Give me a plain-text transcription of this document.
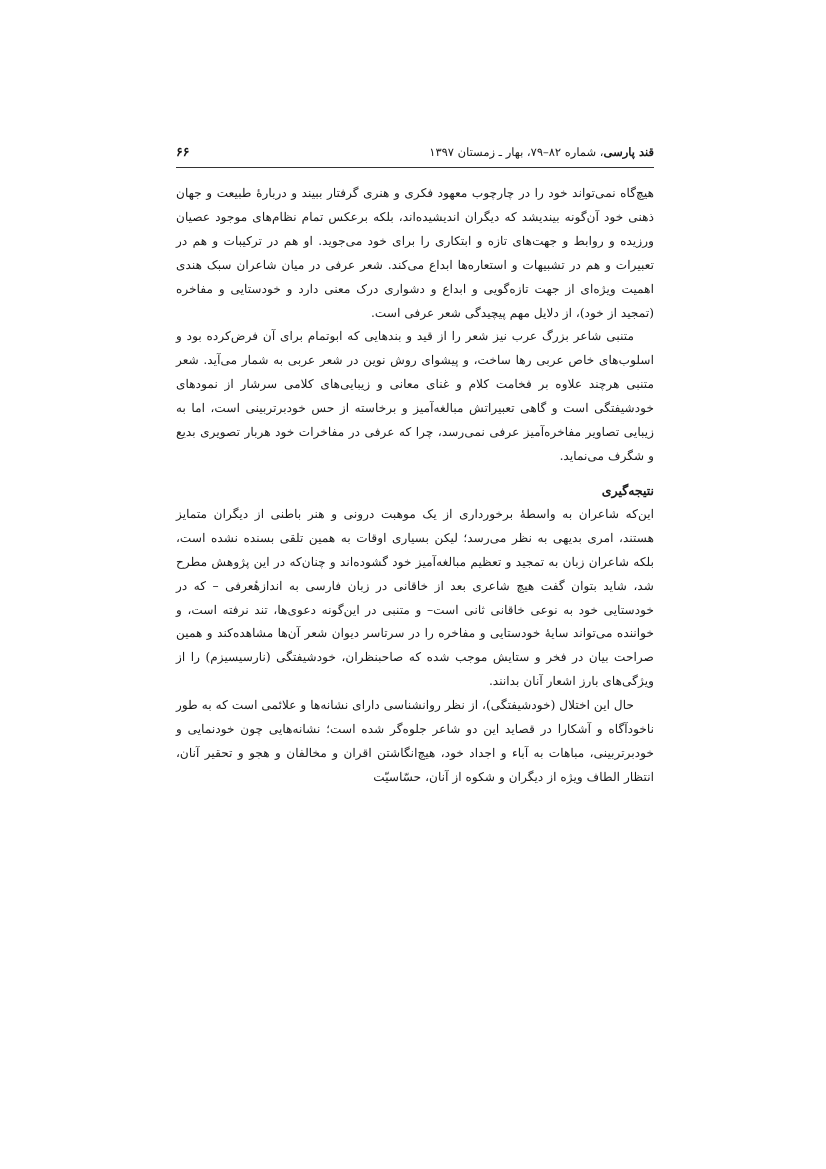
قند پارسی، شماره ۸۲–۷۹، بهار ـ زمستان ۱۳۹۷
۶۶

هیچ‌گاه نمی‌تواند خود را در چارچوب معهود فکری و هنری گرفتار ببیند و دربارهٔ طبیعت و جهان ذهنی خود آن‌گونه بیندیشد که دیگران اندیشیده‌اند، بلکه برعکس تمام نظام‌های موجود عصیان ورزیده و روابط و جهت‌های تازه و ابتکاری را برای خود می‌جوید. او هم در ترکیبات و هم در تعبیرات و هم در تشبیهات و استعاره‌ها ابداع می‌کند. شعر عرفی در میان شاعران سبک هندی اهمیت ویژه‌ای از جهت تازه‌گویی و ابداع و دشواری درک معنی دارد و خودستایی و مفاخره (تمجید از خود)، از دلایل مهم پیچیدگی شعر عرفی است.

متنبی شاعر بزرگ عرب نیز شعر را از قید و بندهایی که ابوتمام برای آن فرض‌کرده بود و اسلوب‌های خاص عربی رها ساخت، و پیشوای روش نوین در شعر عربی به شمار می‌آید. شعر متنبی هرچند علاوه بر فخامت کلام و غنای معانی و زیبایی‌های کلامی سرشار از نمودهای خودشیفتگی است و گاهی تعبیراتش مبالغه‌آمیز و برخاسته از حس خودبرتربینی است، اما به زیبایی تصاویر مفاخره‌آمیز عرفی نمی‌رسد، چرا که عرفی در مفاخرات خود هربار تصویری بدیع و شگرف می‌نماید.

نتیجه‌گیری

این‌که شاعران به واسطهٔ برخورداری از یک موهبت درونی و هنر باطنی از دیگران متمایز هستند، امری بدیهی به نظر می‌رسد؛ لیکن بسیاری اوقات به همین تلقی بسنده نشده است، بلکه شاعران زبان به تمجید و تعظیم مبالغه‌آمیز خود گشوده‌اند و چنان‌که در این پژوهش مطرح شد، شاید بتوان گفت هیچ شاعری بعد از خاقانی در زبان فارسی به اندازهٔعرفی – که در خودستایی خود به نوعی خاقانی ثانی است– و متنبی در این‌گونه دعوی‌ها، تند نرفته است، و خواننده می‌تواند سایهٔ خودستایی و مفاخره را در سرتاسر دیوان شعر آن‌ها مشاهده‌کند و همین صراحت بیان در فخر و ستایش موجب شده که صاحبنظران، خودشیفتگی (نارسیسیزم) را از ویژگی‌های بارز اشعار آنان بدانند.

حال این اختلال (خودشیفتگی)، از نظر روانشناسی دارای نشانه‌ها و علائمی است که به طور ناخودآگاه و آشکارا در قصاید این دو شاعر جلوه‌گر شده است؛ نشانه‌هایی چون خودنمایی و خودبرتربینی، مباهات به آباء و اجداد خود، هیچ‌انگاشتن اقران و مخالفان و هجو و تحقیر آنان، انتظار الطاف ویژه از دیگران و شکوه از آنان، حسّاسیّت
